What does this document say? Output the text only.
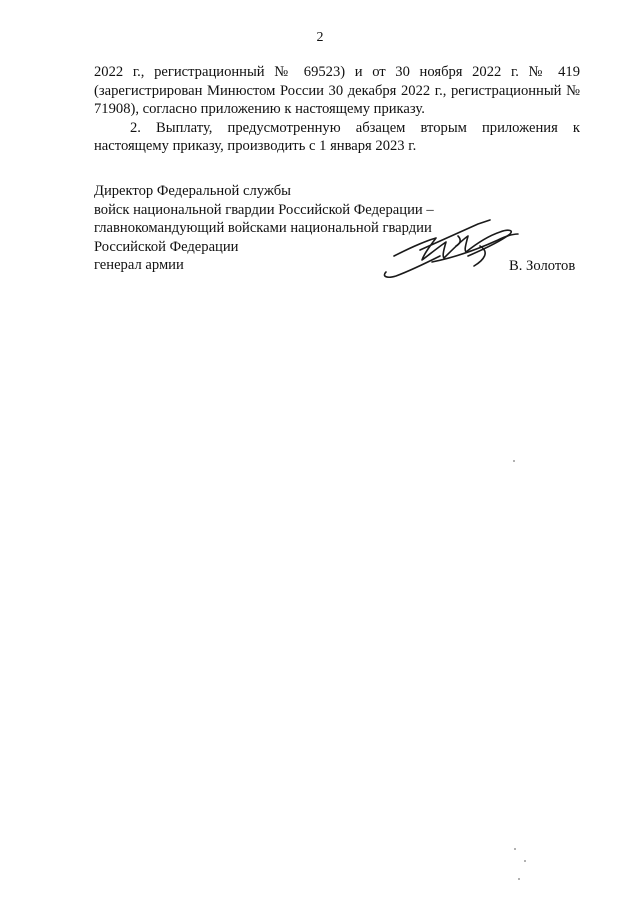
2

2022 г., регистрационный № 69523) и от 30 ноября 2022 г. № 419 (зарегистрирован Минюстом России 30 декабря 2022 г., регистрационный № 71908), согласно приложению к настоящему приказу.

2. Выплату, предусмотренную абзацем вторым приложения к настоящему приказу, производить с 1 января 2023 г.

Директор Федеральной службы
войск национальной гвардии Российской Федерации –
главнокомандующий войсками национальной гвардии
Российской Федерации
генерал армии	В. Золотов
